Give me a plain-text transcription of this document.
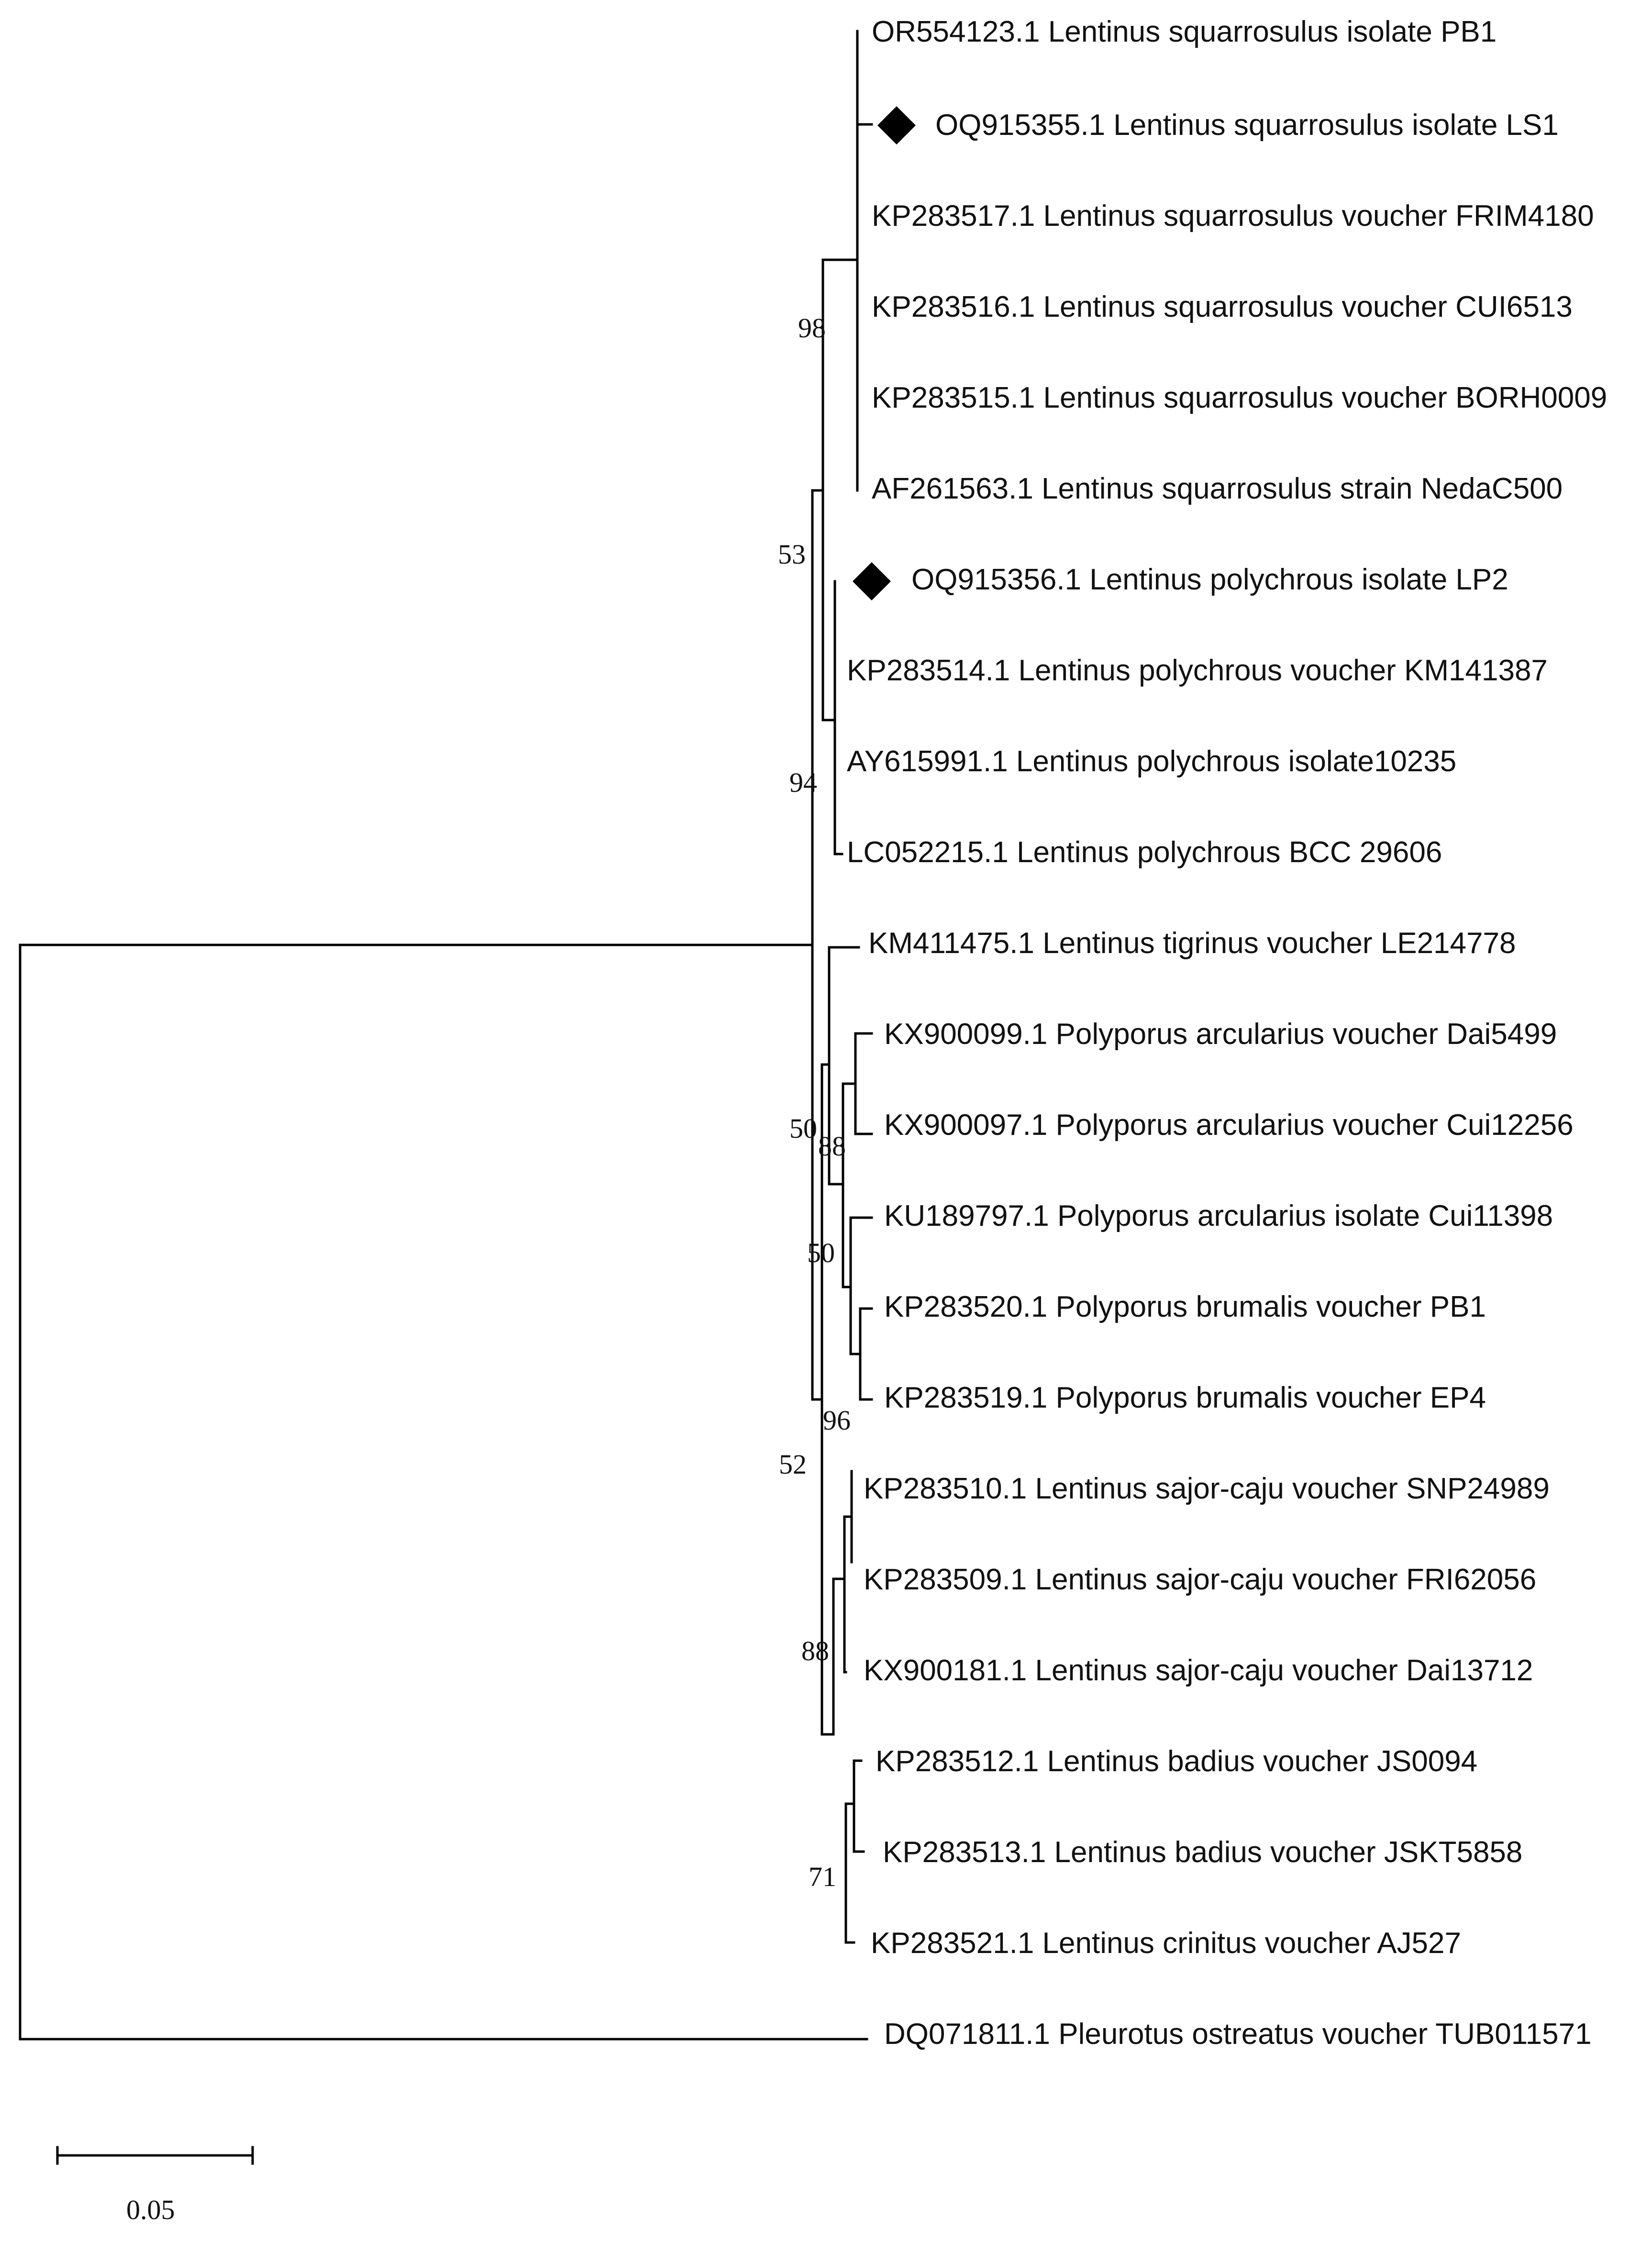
OR554123.1 Lentinus squarrosulus isolate PB1
OQ915355.1 Lentinus squarrosulus isolate LS1
KP283517.1 Lentinus squarrosulus voucher FRIM4180
KP283516.1 Lentinus squarrosulus voucher CUI6513
KP283515.1 Lentinus squarrosulus voucher BORH0009
AF261563.1 Lentinus squarrosulus strain NedaC500
OQ915356.1 Lentinus polychrous isolate LP2
KP283514.1 Lentinus polychrous voucher KM141387
AY615991.1 Lentinus polychrous isolate10235
LC052215.1 Lentinus polychrous BCC 29606
KM411475.1 Lentinus tigrinus voucher LE214778
KX900099.1 Polyporus arcularius voucher Dai5499
KX900097.1 Polyporus arcularius voucher Cui12256
KU189797.1 Polyporus arcularius isolate Cui11398
KP283520.1 Polyporus brumalis voucher PB1
KP283519.1 Polyporus brumalis voucher EP4
KP283510.1 Lentinus sajor-caju voucher SNP24989
KP283509.1 Lentinus sajor-caju voucher FRI62056
KX900181.1 Lentinus sajor-caju voucher Dai13712
KP283512.1 Lentinus badius voucher JS0094
KP283513.1 Lentinus badius voucher JSKT5858
KP283521.1 Lentinus crinitus voucher AJ527
DQ071811.1 Pleurotus ostreatus voucher TUB011571
98
53
94
50
88
50
96
52
88
71
0.05
